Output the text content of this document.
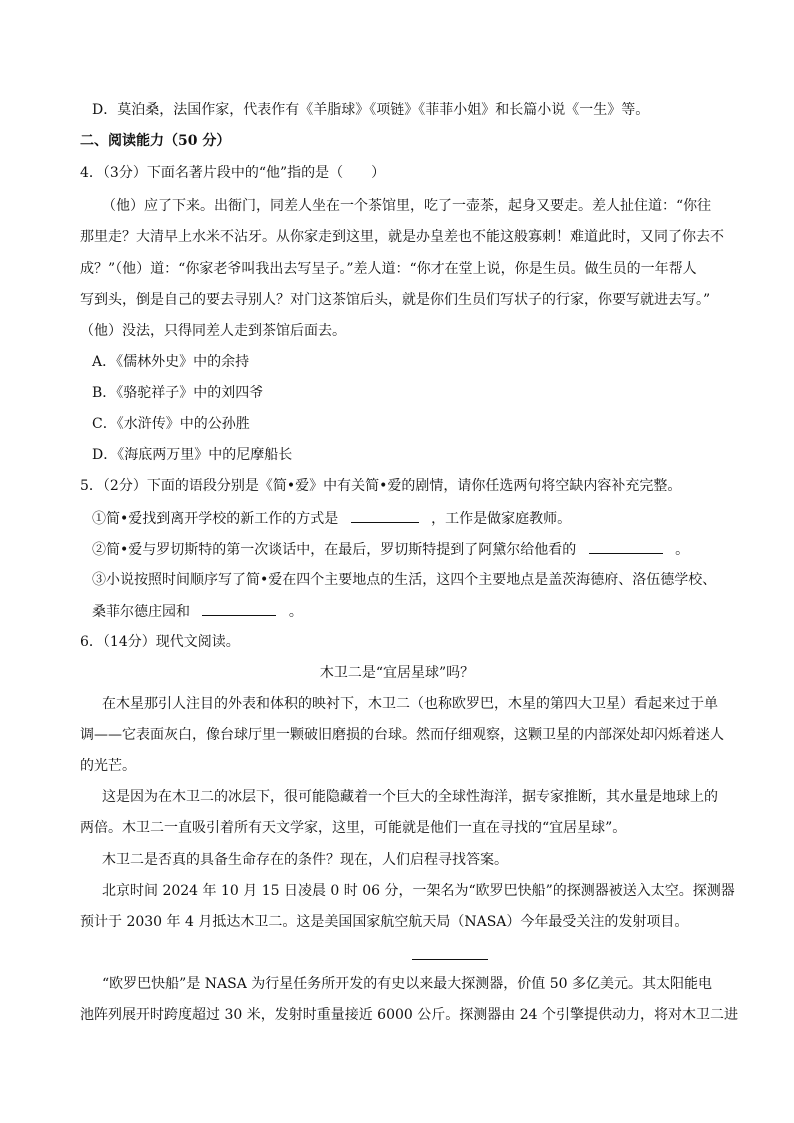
D．莫泊桑，法国作家，代表作有《羊脂球》《项链》《菲菲小姐》和长篇小说《一生》等。
二、阅读能力（50 分）
4．（3分）下面名著片段中的“他”指的是（　　）
（他）应了下来。出衙门，同差人坐在一个茶馆里，吃了一壶茶，起身又要走。差人扯住道：“你往
那里走？大清早上水米不沾牙。从你家走到这里，就是办皇差也不能这般寡刺！难道此时，又同了你去不
成？”（他）道：“你家老爷叫我出去写呈子。”差人道：“你才在堂上说，你是生员。做生员的一年帮人
写到头，倒是自己的要去寻别人？对门这茶馆后头，就是你们生员们写状子的行家，你要写就进去写。”
（他）没法，只得同差人走到茶馆后面去。
A．《儒林外史》中的余持
B．《骆驼祥子》中的刘四爷
C．《水浒传》中的公孙胜
D．《海底两万里》中的尼摩船长
5．（2分）下面的语段分别是《简•爱》中有关简•爱的剧情，请你任选两句将空缺内容补充完整。
①简•爱找到离开学校的新工作的方式是	，工作是做家庭教师。
②简•爱与罗切斯特的第一次谈话中，在最后，罗切斯特提到了阿黛尔给他看的	。
③小说按照时间顺序写了简•爱在四个主要地点的生活，这四个主要地点是盖茨海德府、洛伍德学校、
桑菲尔德庄园和	。
6．（14分）现代文阅读。
木卫二是“宜居星球”吗？
在木星那引人注目的外表和体积的映衬下，木卫二（也称欧罗巴，木星的第四大卫星）看起来过于单
调——它表面灰白，像台球厅里一颗破旧磨损的台球。然而仔细观察，这颗卫星的内部深处却闪烁着迷人
的光芒。
这是因为在木卫二的冰层下，很可能隐藏着一个巨大的全球性海洋，据专家推断，其水量是地球上的
两倍。木卫二一直吸引着所有天文学家，这里，可能就是他们一直在寻找的“宜居星球”。
木卫二是否真的具备生命存在的条件？现在，人们启程寻找答案。
北京时间 2024 年 10 月 15 日凌晨 0 时 06 分，一架名为“欧罗巴快船”的探测器被送入太空。探测器
预计于 2030 年 4 月抵达木卫二。这是美国国家航空航天局（NASA）今年最受关注的发射项目。
“欧罗巴快船”是 NASA 为行星任务所开发的有史以来最大探测器，价值 50 多亿美元。其太阳能电
池阵列展开时跨度超过 30 米，发射时重量接近 6000 公斤。探测器由 24 个引擎提供动力，将对木卫二进
